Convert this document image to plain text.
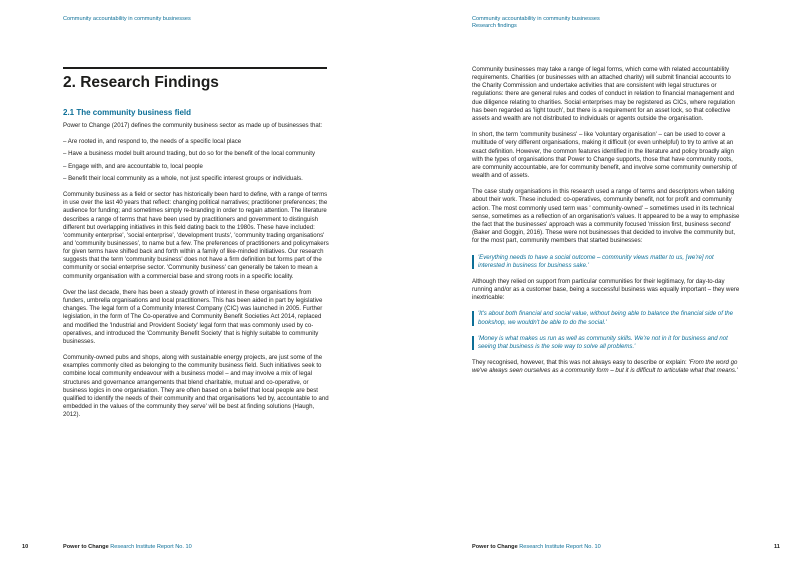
Community accountability in community businesses
2. Research Findings
2.1 The community business field

Power to Change (2017) defines the community business sector as made up of businesses that:

– Are rooted in, and respond to, the needs of a specific local place

– Have a business model built around trading, but do so for the benefit of the local community

– Engage with, and are accountable to, local people

– Benefit their local community as a whole, not just specific interest groups or individuals.

Community business as a field or sector has historically been hard to define, with a range of terms in use over the last 40 years that reflect: changing political narratives; practitioner preferences; the audience for funding; and sometimes simply re-branding in order to regain attention. The literature describes a range of terms that have been used by practitioners and government to distinguish different but overlapping initiatives in this field dating back to the 1980s. These have included: 'community enterprise', 'social enterprise', 'development trusts', 'community trading organisations' and 'community businesses', to name but a few. The preferences of practitioners and policymakers for given terms have shifted back and forth within a family of like-minded initiatives. Our research suggests that the term 'community business' does not have a firm definition but forms part of the community or social enterprise sector. 'Community business' can generally be taken to mean a community organisation with a commercial base and strong roots in a specific locality.

Over the last decade, there has been a steady growth of interest in these organisations from funders, umbrella organisations and local practitioners. This has been aided in part by legislative changes. The legal form of a Community Interest Company (CIC) was launched in 2005. Further legislation, in the form of The Co-operative and Community Benefit Societies Act 2014, replaced and modified the 'Industrial and Provident Society' legal form that was commonly used by co-operatives, and introduced the 'Community Benefit Society' that is highly suitable to community businesses.

Community-owned pubs and shops, along with sustainable energy projects, are just some of the examples commonly cited as belonging to the community business field. Such initiatives seek to combine local community endeavour with a business model – and may involve a mix of legal structures and governance arrangements that blend charitable, mutual and co-operative, or business logics in one organisation. They are often based on a belief that local people are best qualified to identify the needs of their community and that organisations 'led by, accountable to and embedded in the values of the community they serve' will be best at finding solutions (Haugh, 2012).

10	Power to Change Research Institute Report No. 10
Community accountability in community businesses
Research findings

Community businesses may take a range of legal forms, which come with related accountability requirements. Charities (or businesses with an attached charity) will submit financial accounts to the Charity Commission and undertake activities that are consistent with legal structures or regulations: there are general rules and codes of conduct in relation to financial management and due diligence relating to charities. Social enterprises may be registered as CICs, where regulation has been regarded as 'light touch', but there is a requirement for an asset lock, so that collective assets and wealth are not distributed to individuals or agents outside the organisation.

In short, the term 'community business' – like 'voluntary organisation' – can be used to cover a multitude of very different organisations, making it difficult (or even unhelpful) to try to arrive at an exact definition. However, the common features identified in the literature and policy broadly align with the types of organisations that Power to Change supports, those that have community roots, are community accountable, are for community benefit, and involve some community ownership of wealth and of assets.

The case study organisations in this research used a range of terms and descriptors when talking about their work. These included: co-operatives, community benefit, not for profit and community action. The most commonly used term was ' community-owned' – sometimes used in its technical sense, sometimes as a reflection of an organisation's values. It appeared to be a way to emphasise the fact that the businesses' approach was a community focused 'mission first, business second' (Baker and Goggin, 2016). These were not businesses that decided to involve the community but, for the most part, community members that started businesses:

'Everything needs to have a social outcome – community views matter to us, [we're] not interested in business for business sake.'

Although they relied on support from particular communities for their legitimacy, for day-to-day running and/or as a customer base, being a successful business was equally important – they were inextricable:

'It's about both financial and social value, without being able to balance the financial side of the bookshop, we wouldn't be able to do the social.'
'Money is what makes us run as well as community skills. We're not in it for business and not seeing that business is the sole way to solve all problems.'

They recognised, however, that this was not always easy to describe or explain: 'From the word go we've always seen ourselves as a community form – but it is difficult to articulate what that means.'

Power to Change Research Institute Report No. 10	11
